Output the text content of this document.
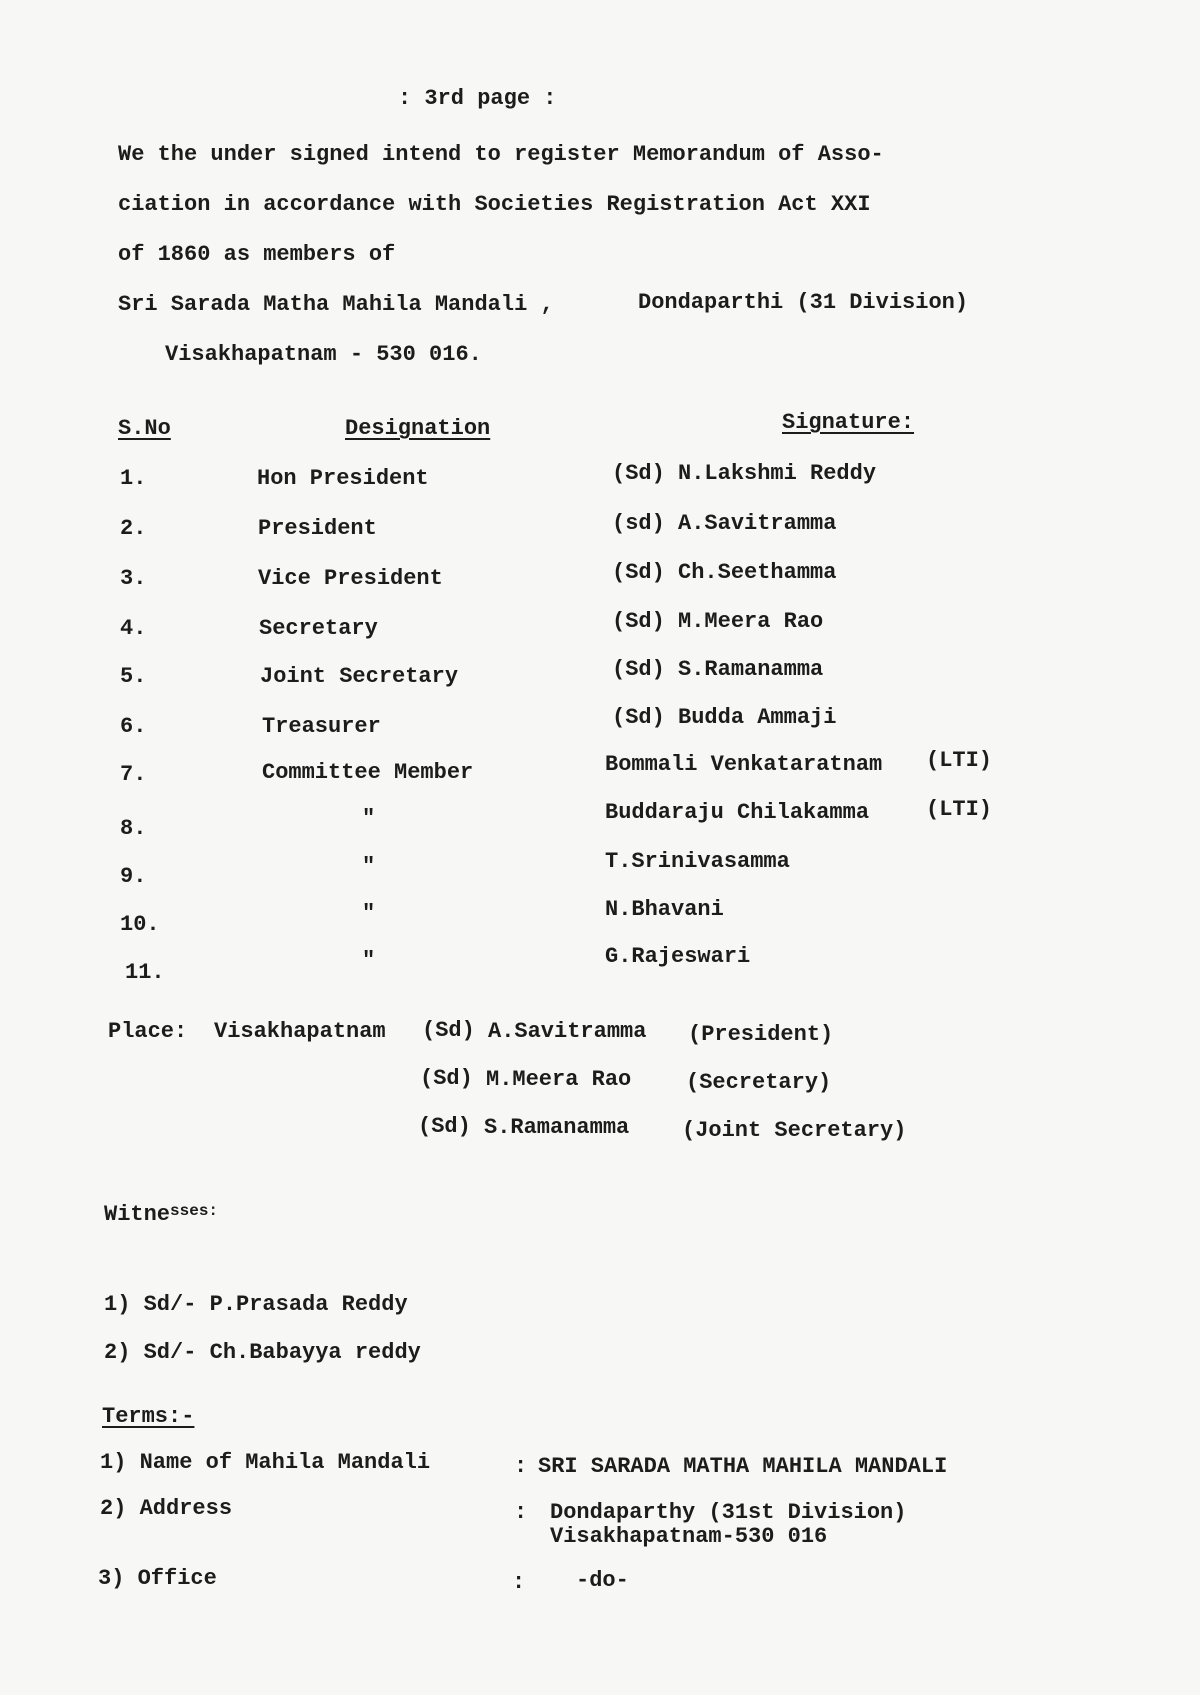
: 3rd page :
We the under signed intend to register Memorandum of Asso-
ciation in accordance with Societies Registration Act XXI
of 1860 as members of
Sri Sarada Matha Mahila Mandali ,	Dondaparthi (31 Division)
Visakhapatnam - 530 016.
S.No	Designation	Signature:
1.	Hon President	(Sd) N.Lakshmi Reddy
2.	President	(sd) A.Savitramma
3.	Vice President	(Sd) Ch.Seethamma
4.	Secretary	(Sd) M.Meera Rao
5.	Joint Secretary	(Sd) S.Ramanamma
6.	Treasurer	(Sd) Budda Ammaji
7.	Committee Member	Bommali Venkataratnam (LTI)
8.	"	Buddaraju Chilakamma	(LTI)
9.	"	T.Srinivasamma
10.	"	N.Bhavani
11.	"	G.Rajeswari
Place: Visakhapatnam (Sd) A.Savitramma (President)
(Sd) M.Meera Rao (Secretary)
(Sd) S.Ramanamma (Joint Secretary)
Witne$^{sses:}$
1) Sd/- P.Prasada Reddy
2) Sd/- Ch.Babayya reddy
Terms:-
1) Name of Mahila Mandali	: SRI SARADA MATHA MAHILA MANDALI
2) Address	: Dondaparthy (31st Division)
Visakhapatnam-530 016
3) Office	: -do-
